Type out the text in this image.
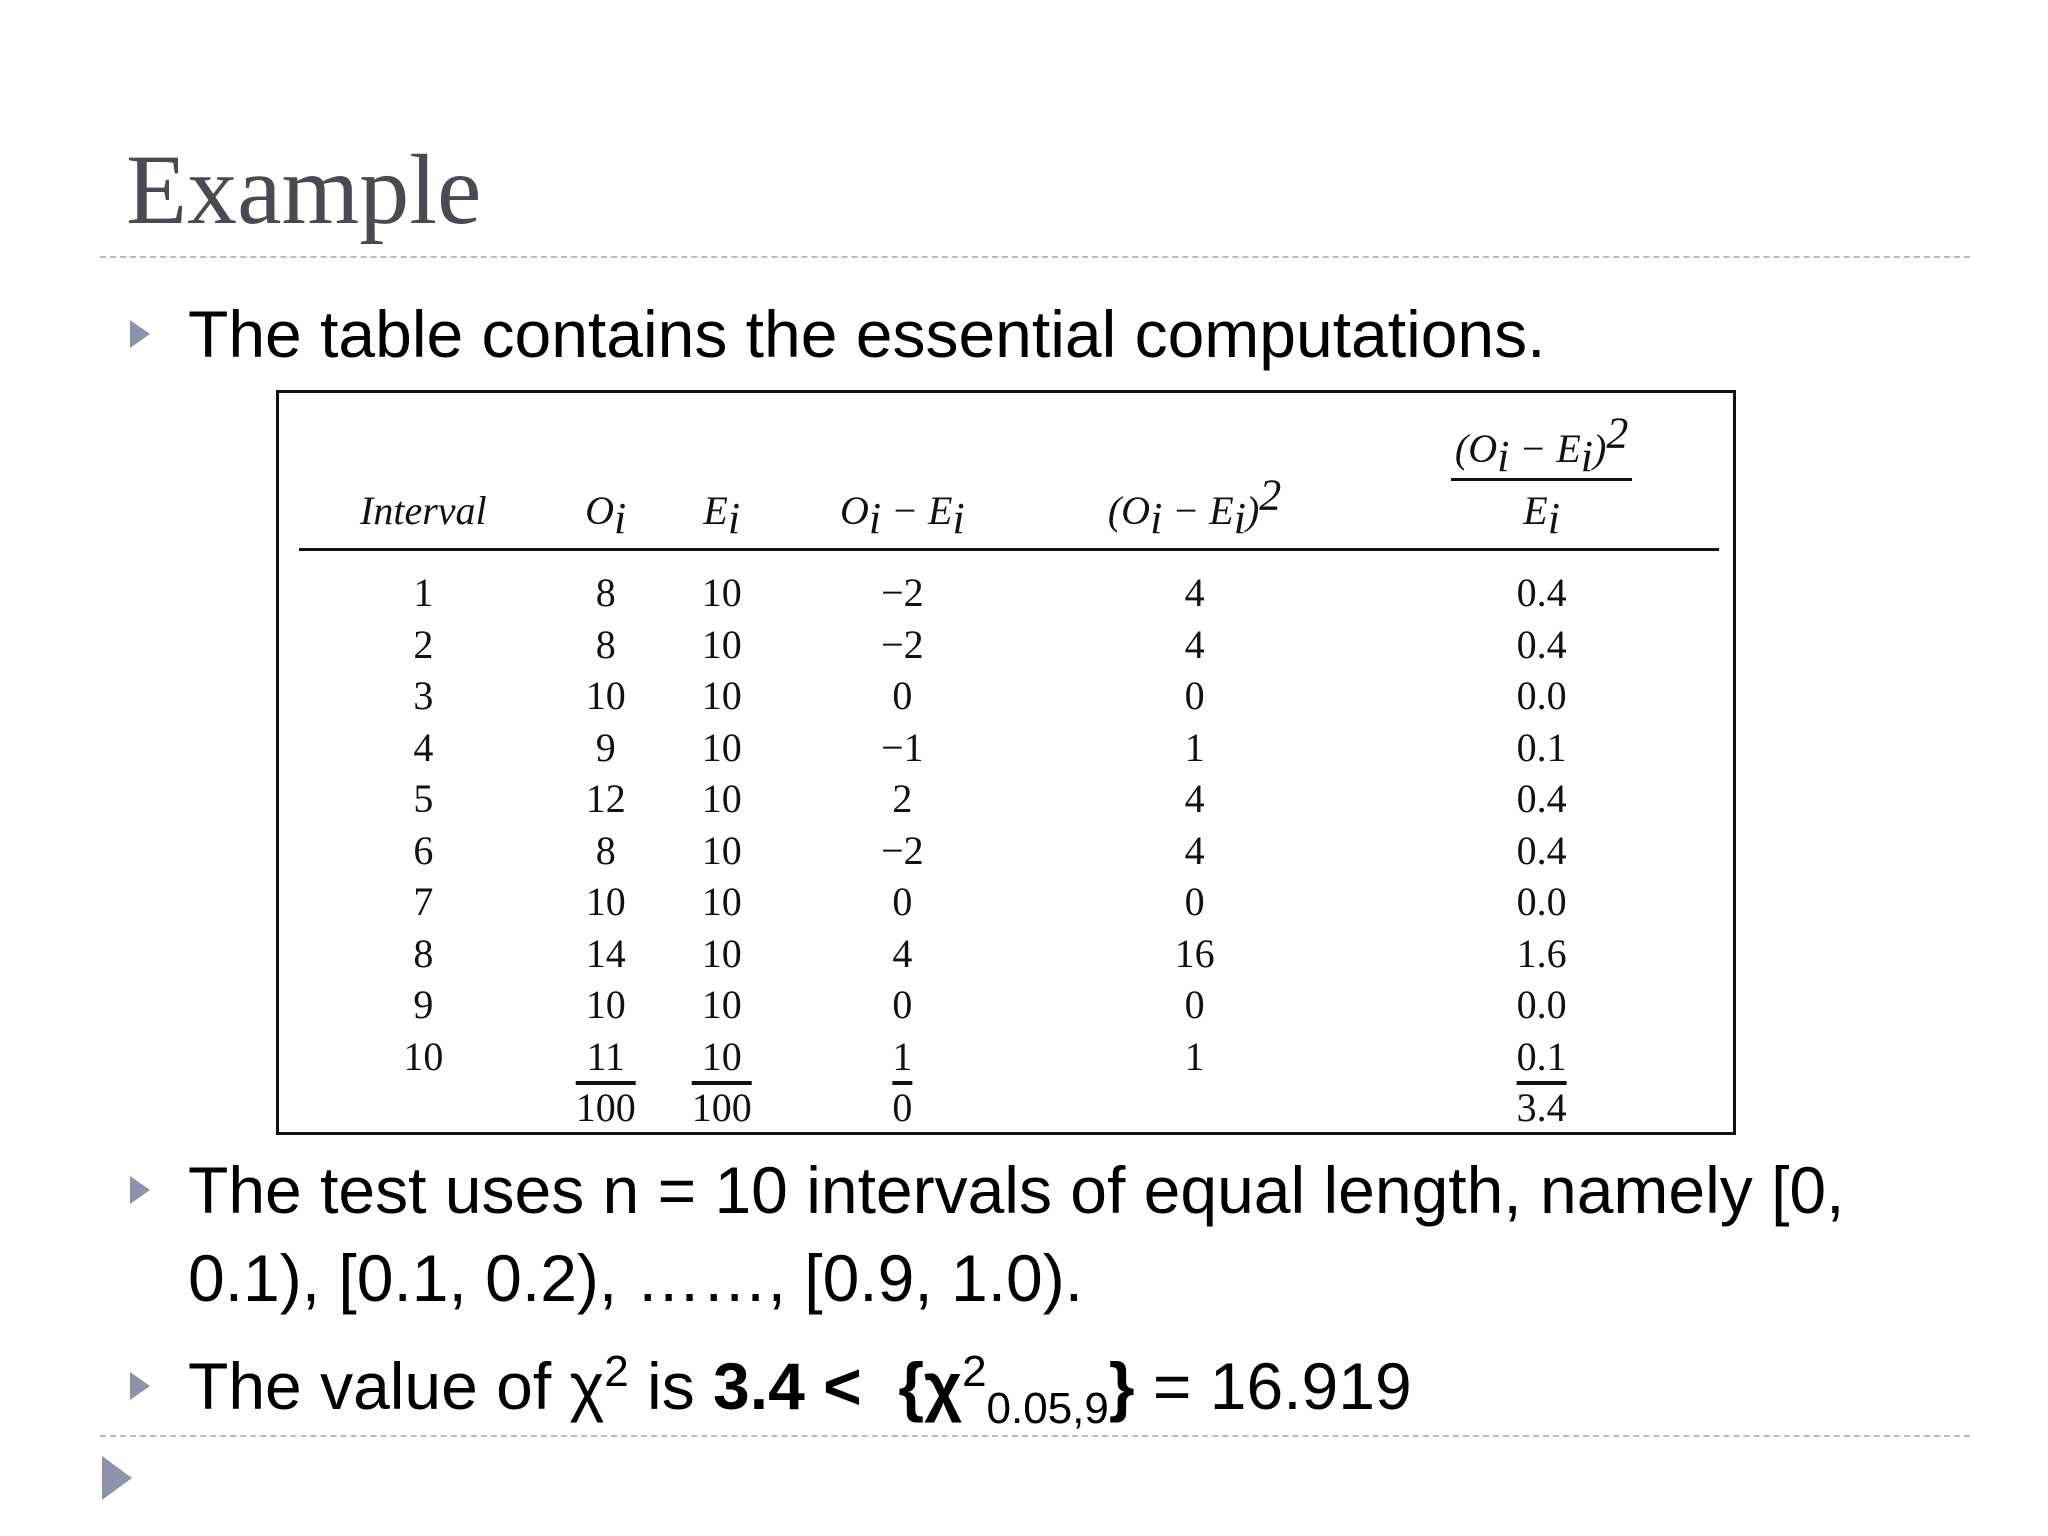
Example
The table contains the essential computations.
Interval	$O_i$	$E_i$	$O_i - E_i$	$(O_i - E_i)^2$	$\frac{(O_i - E_i)^2}{E_i}$

1	8	10	−2	4	0.4
2	8	10	−2	4	0.4
3	10	10	0	0	0.0
4	9	10	−1	1	0.1
5	12	10	2	4	0.4
6	8	10	−2	4	0.4
7	10	10	0	0	0.0
8	14	10	4	16	1.6
9	10	10	0	0	0.0
10	11	10	1	1	0.1
	100	100	0		3.4
The test uses n = 10 intervals of equal length, namely [0, 0.1), [0.1, 0.2), ……, [0.9, 1.0).
The value of $\chi^2$ is $3.4 < \{\chi^2_{0.05,9}\} = 16.919$
